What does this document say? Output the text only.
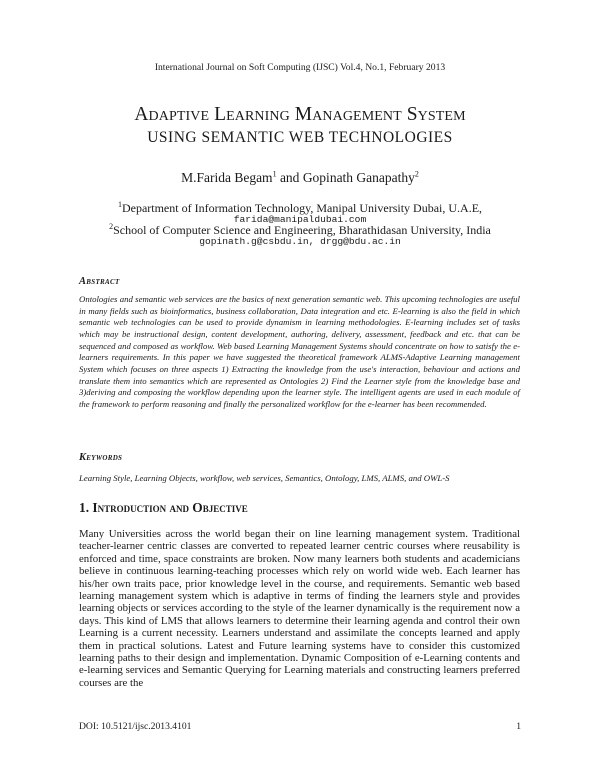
International Journal on Soft Computing (IJSC) Vol.4, No.1, February 2013
Adaptive Learning Management System
USING SEMANTIC WEB TECHNOLOGIES
M.Farida Begam$^1$ and Gopinath Ganapathy$^2$
$^1$Department of Information Technology, Manipal University Dubai, U.A.E,
farida@manipaldubai.com
$^2$School of Computer Science and Engineering, Bharathidasan University, India
gopinath.g@csbdu.in, drgg@bdu.ac.in
Abstract

Ontologies and semantic web services are the basics of next generation semantic web. This upcoming technologies are useful in many fields such as bioinformatics, business collaboration, Data integration and etc. E-learning is also the field in which semantic web technologies can be used to provide dynamism in learning methodologies. E-learning includes set of tasks which may be instructional design, content development, authoring, delivery, assessment, feedback and etc. that can be sequenced and composed as workflow. Web based Learning Management Systems should concentrate on how to satisfy the e-learners requirements. In this paper we have suggested the theoretical framework ALMS-Adaptive Learning management System which focuses on three aspects 1) Extracting the knowledge from the use's interaction, behaviour and actions and translate them into semantics which are represented as Ontologies 2) Find the Learner style from the knowledge base and 3)deriving and composing the workflow depending upon the learner style. The intelligent agents are used in each module of the framework to perform reasoning and finally the personalized workflow for the e-learner has been recommended.

Keywords
Learning Style, Learning Objects, workflow, web services, Semantics, Ontology, LMS, ALMS, and OWL-S
1. Introduction and Objective

Many Universities across the world began their on line learning management system. Traditional teacher-learner centric classes are converted to repeated learner centric courses where reusability is enforced and time, space constraints are broken. Now many learners both students and academicians believe in continuous learning-teaching processes which rely on world wide web. Each learner has his/her own traits pace, prior knowledge level in the course, and requirements. Semantic web based learning management system which is adaptive in terms of finding the learners style and provides learning objects or services according to the style of the learner dynamically is the requirement now a days. This kind of LMS that allows learners to determine their learning agenda and control their own Learning is a current necessity. Learners understand and assimilate the concepts learned and apply them in practical solutions. Latest and Future learning systems have to consider this customized learning paths to their design and implementation. Dynamic Composition of e-Learning contents and e-learning services and Semantic Querying for Learning materials and constructing learners preferred courses are the

DOI: 10.5121/ijsc.2013.4101	1
